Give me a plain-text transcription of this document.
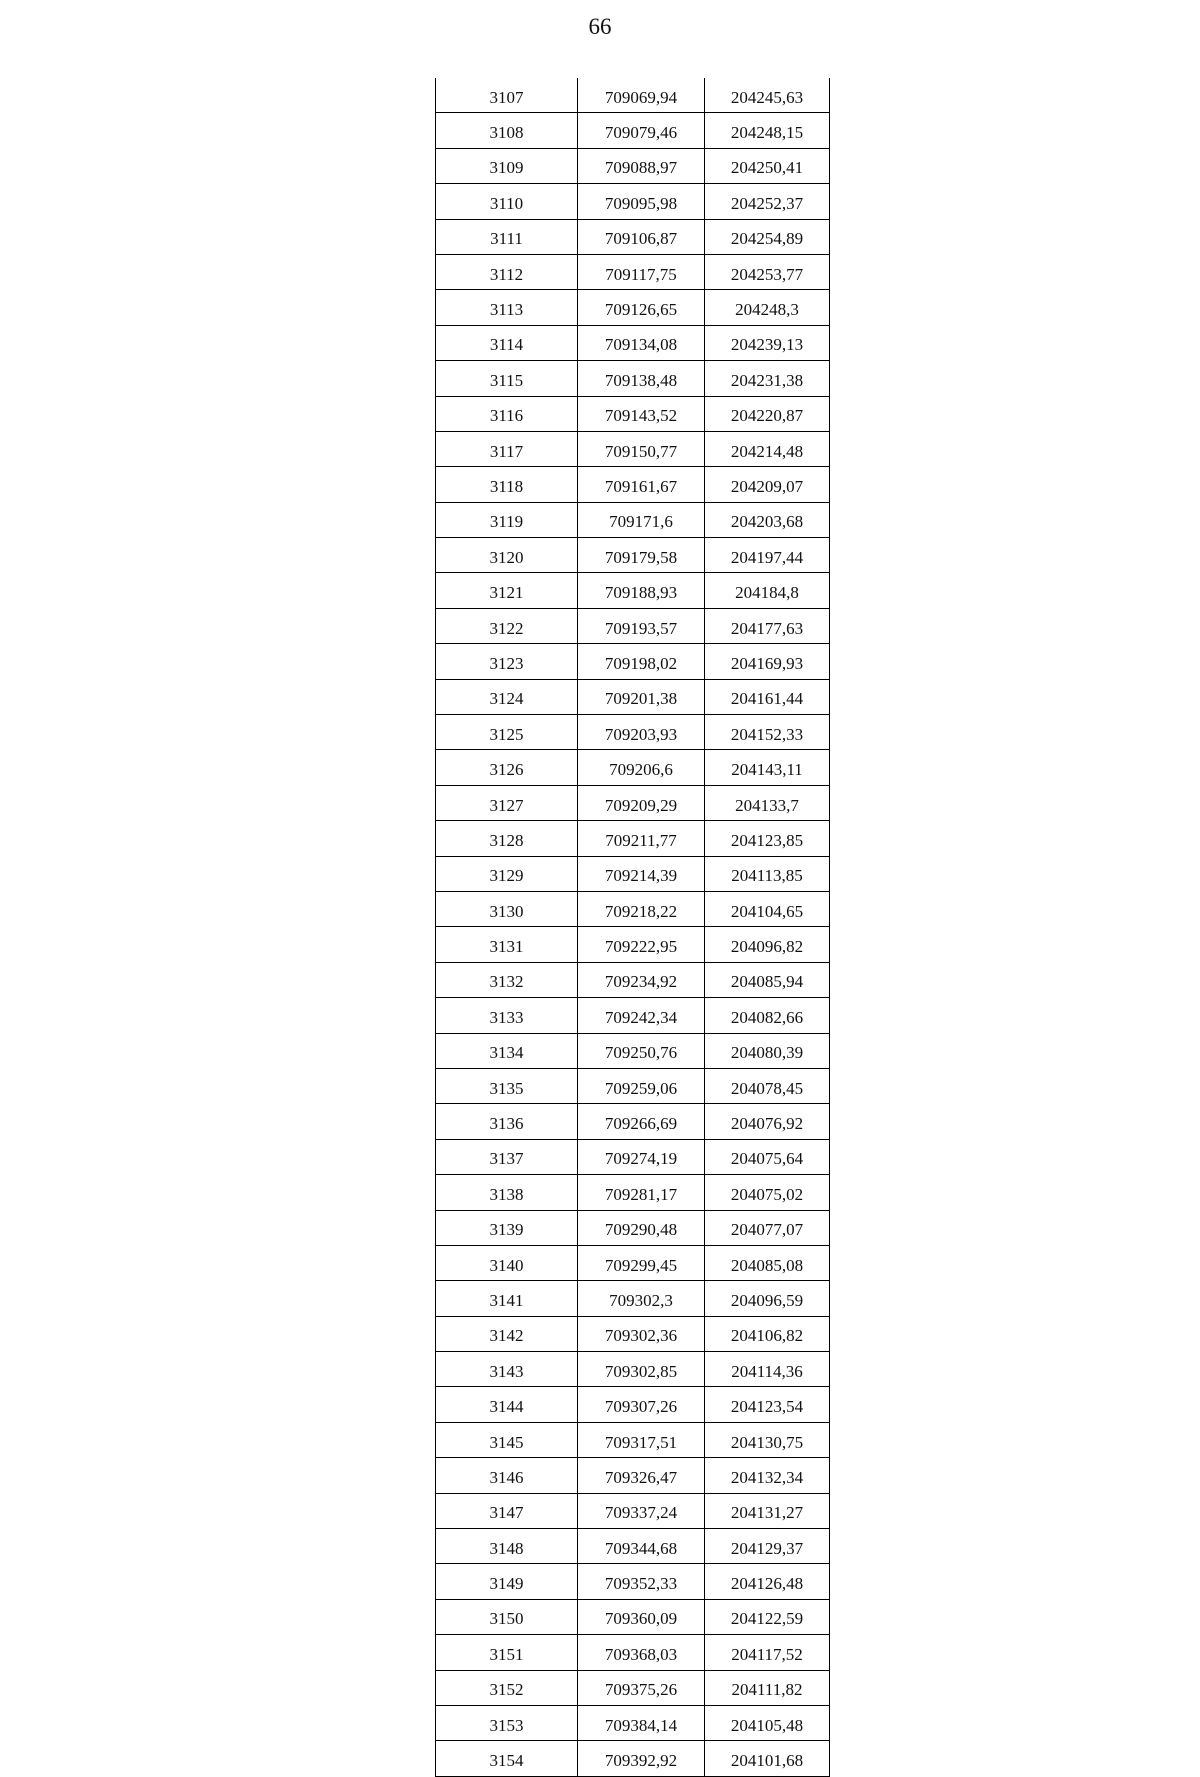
66
3107	709069,94	204245,63
3108	709079,46	204248,15
3109	709088,97	204250,41
3110	709095,98	204252,37
3111	709106,87	204254,89
3112	709117,75	204253,77
3113	709126,65	204248,3
3114	709134,08	204239,13
3115	709138,48	204231,38
3116	709143,52	204220,87
3117	709150,77	204214,48
3118	709161,67	204209,07
3119	709171,6	204203,68
3120	709179,58	204197,44
3121	709188,93	204184,8
3122	709193,57	204177,63
3123	709198,02	204169,93
3124	709201,38	204161,44
3125	709203,93	204152,33
3126	709206,6	204143,11
3127	709209,29	204133,7
3128	709211,77	204123,85
3129	709214,39	204113,85
3130	709218,22	204104,65
3131	709222,95	204096,82
3132	709234,92	204085,94
3133	709242,34	204082,66
3134	709250,76	204080,39
3135	709259,06	204078,45
3136	709266,69	204076,92
3137	709274,19	204075,64
3138	709281,17	204075,02
3139	709290,48	204077,07
3140	709299,45	204085,08
3141	709302,3	204096,59
3142	709302,36	204106,82
3143	709302,85	204114,36
3144	709307,26	204123,54
3145	709317,51	204130,75
3146	709326,47	204132,34
3147	709337,24	204131,27
3148	709344,68	204129,37
3149	709352,33	204126,48
3150	709360,09	204122,59
3151	709368,03	204117,52
3152	709375,26	204111,82
3153	709384,14	204105,48
3154	709392,92	204101,68
